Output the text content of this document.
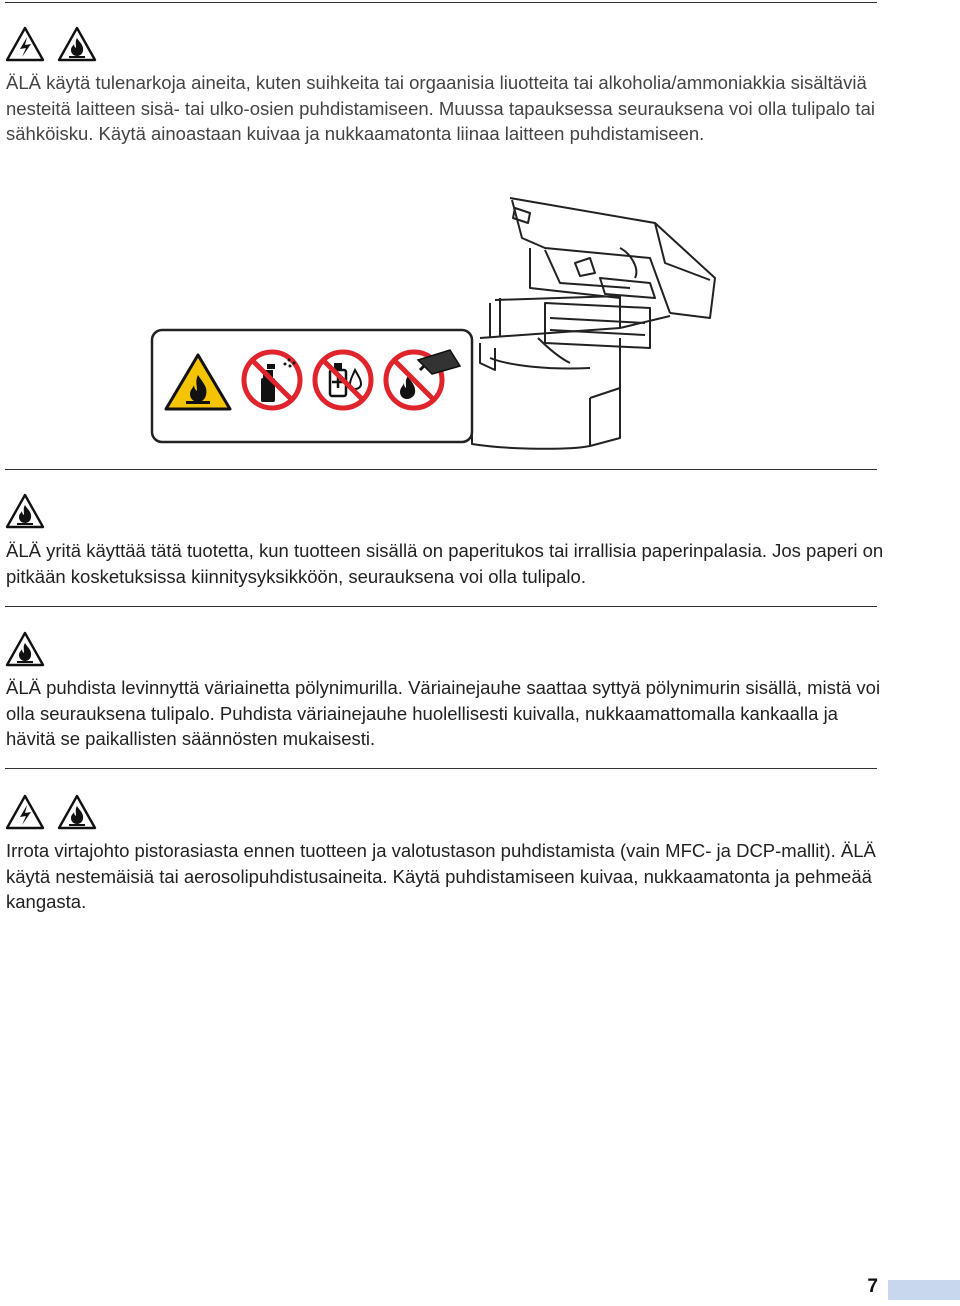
ÄLÄ käytä tulenarkoja aineita, kuten suihkeita tai orgaanisia liuotteita tai alkoholia/ammoniakkia sisältäviä nesteitä laitteen sisä- tai ulko-osien puhdistamiseen. Muussa tapauksessa seurauksena voi olla tulipalo tai sähköisku. Käytä ainoastaan kuivaa ja nukkaamatonta liinaa laitteen puhdistamiseen.

ÄLÄ yritä käyttää tätä tuotetta, kun tuotteen sisällä on paperitukos tai irrallisia paperinpalasia. Jos paperi on pitkään kosketuksissa kiinnitysyksikköön, seurauksena voi olla tulipalo.

ÄLÄ puhdista levinnyttä väriainetta pölynimurilla. Väriainejauhe saattaa syttyä pölynimurin sisällä, mistä voi olla seurauksena tulipalo. Puhdista väriainejauhe huolellisesti kuivalla, nukkaamattomalla kankaalla ja hävitä se paikallisten säännösten mukaisesti.

Irrota virtajohto pistorasiasta ennen tuotteen ja valotustason puhdistamista (vain MFC- ja DCP-mallit). ÄLÄ käytä nestemäisiä tai aerosolipuhdistusaineita. Käytä puhdistamiseen kuivaa, nukkaamatonta ja pehmeää kangasta.

7
